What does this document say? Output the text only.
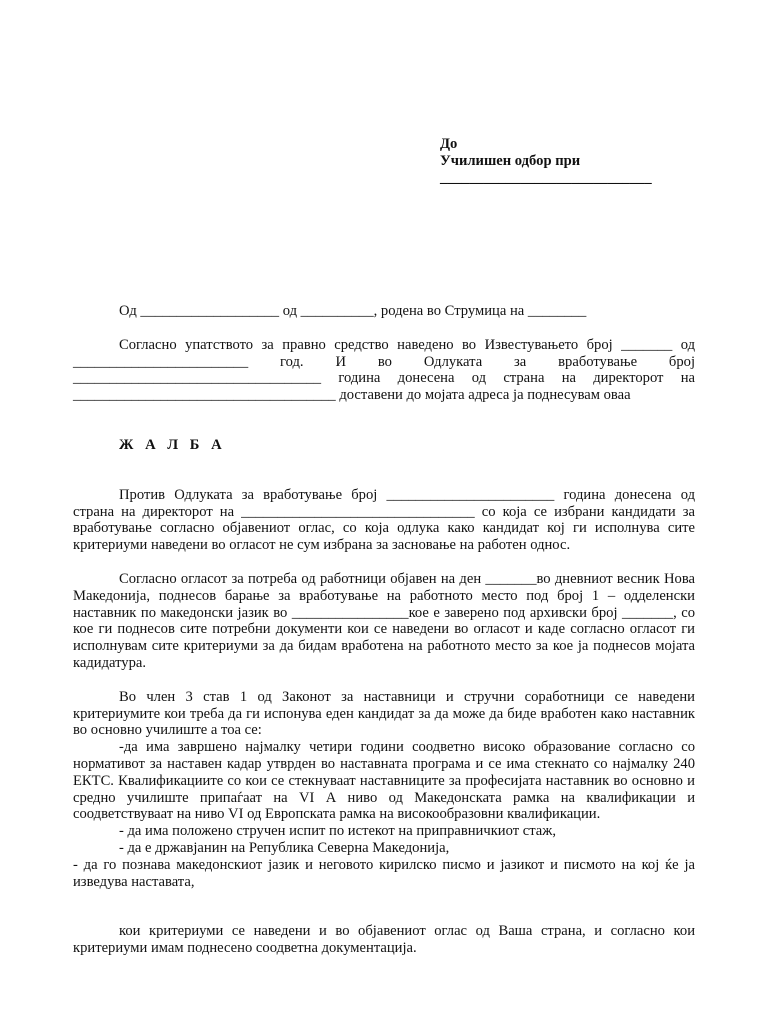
До
Училишен одбор при
_____________________________

Од ___________________ од __________, родена во Струмица на ________

Согласно упатството за правно средство наведено во Известувањето број _______ од ________________________ год. И во Одлуката за вработување број __________________________________ година донесена од страна на директорот на ____________________________________ доставени до мојата адреса ја поднесувам оваа

Ж А Л Б А

Против Одлуката за вработување број _______________________ година донесена од страна на директорот на ________________________________ со која се избрани кандидати за вработување согласно објавениот оглас, со која одлука како кандидат кој ги исполнува сите критериуми наведени во огласот не сум избрана за засновање на работен однос.

Согласно огласот за потреба од работници објавен на ден _______во дневниот весник Нова Македонија, поднесов барање за вработување на работното место под број 1 – одделенски наставник по македонски јазик во ________________кое е заверено под архивски број _______, со кое ги поднесов сите потребни документи кои се наведени во огласот и каде согласно огласот ги исполнувам сите критериуми за да бидам вработена на работното место за кое ја поднесов мојата кадидатура.

Во член 3 став 1 од Законот за наставници и стручни соработници се наведени критериумите кои треба да ги испонува еден кандидат за да може да биде вработен како наставник во основно училиште а тоа се:

-да има завршено најмалку четири години соодветно високо образование согласно со нормативот за наставен кадар утврден во наставната програма и се има стекнато со најмалку 240 ЕКТС. Квалификациите со кои се стекнуваат наставниците за професијата наставник во основно и средно училиште припаѓаат на VI А ниво од Македонската рамка на квалификации и соодветствуваат на ниво VI од Европската рамка на високообразовни квалификации.

- да има положено стручен испит по истекот на приправничкиот стаж,

- да е државјанин на Република Северна Македонија,

- да го познава македонскиот јазик и неговото кирилско писмо и јазикот и писмото на кој ќе ја изведува наставата,

кои критериуми се наведени и во објавениот оглас од Ваша страна, и согласно кои критериуми имам поднесено соодветна документација.
